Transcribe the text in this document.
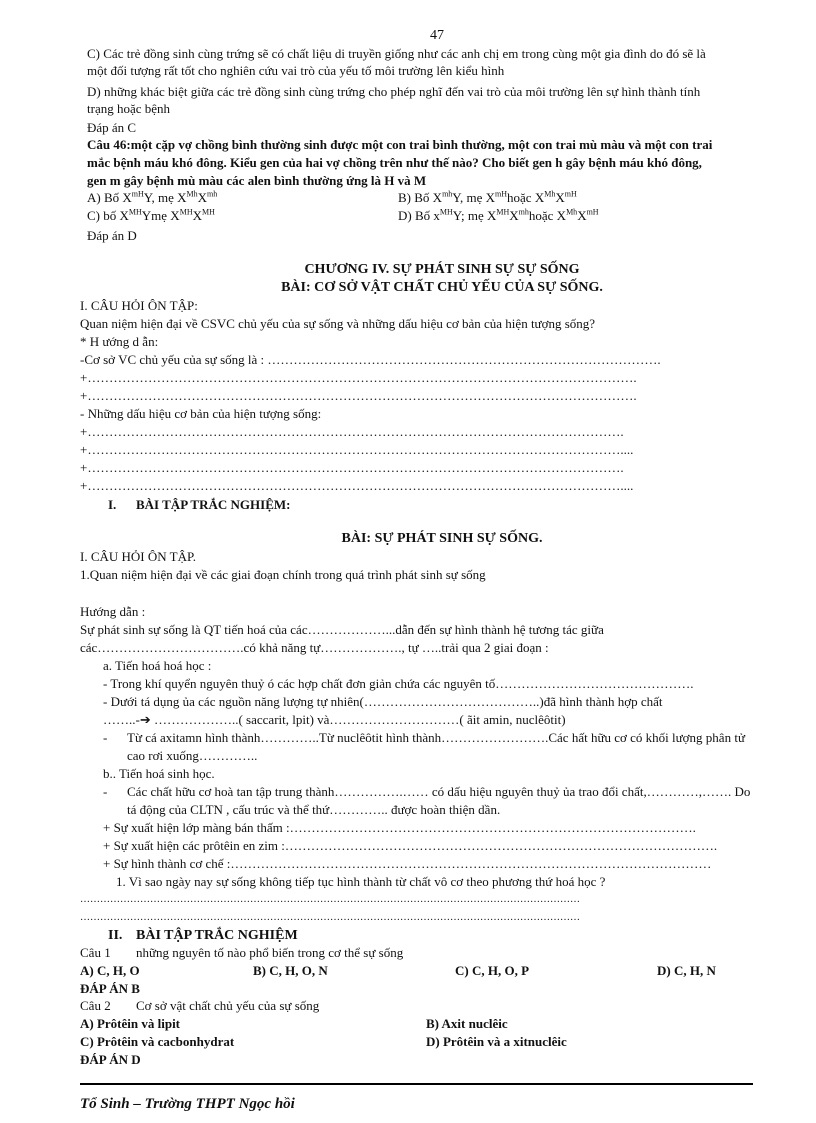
47
C) Các trẻ đồng sinh cùng trứng sẽ có chất liệu di truyền giống như các anh chị em trong cùng một gia đình do đó sẽ là
một đối tượng rất tốt cho nghiên cứu vai trò của yếu tố môi trường lên kiểu hình
D) những khác biệt giữa các trẻ đồng sinh cùng trứng cho phép nghĩ đến vai trò của môi trường lên sự hình thành tính
trạng hoặc bệnh
Đáp án C
Câu 46:một cặp vợ chồng bình thường sinh được một con trai bình thường, một con trai mù màu và một con trai
mắc bệnh máu khó đông. Kiểu gen của hai vợ chồng trên như thế nào? Cho biết gen h gây bệnh máu khó đông,
gen m gây bệnh mù màu các alen bình thường ứng là H và M
A) Bố $X^{mH}Y$, mẹ $X^{Mh}X^{mh}$	B) Bố $X^{mh}Y$, mẹ $X^{mH}hoặc$ $X^{Mh}X^{mH}$
C) bố $X^{MH}Ymẹ$ $X^{MH}X^{MH}$	D) Bố $x^{MH}Y$; mẹ $X^{MH}X^{mh}hoặc$ $X^{Mh}X^{mH}$
Đáp án D
CHƯƠNG IV. SỰ PHÁT SINH SỰ SỰ SỐNG
BÀI: CƠ SỞ VẬT CHẤT CHỦ YẾU CỦA SỰ SỐNG.
I. CÂU HỎI ÔN TẬP:
Quan niệm hiện đại về CSVC chủ yếu của sự sống và những dấu hiệu cơ bản của hiện tượng sống?
* H ướng d ẫn:
-Cơ sở VC chủ yếu của sự sống là : ……………………………………………………………………………….
+……………………………………………………………………………………………………………….
+……………………………………………………………………………………………………………….
- Những dấu hiệu cơ bản của hiện tượng sống:
+…………………………………………………………………………………………………………….
+……………………………………………………………………………………………………………....
+…………………………………………………………………………………………………………….
+……………………………………………………………………………………………………………....
I. BÀI TẬP TRẮC NGHIỆM:
BÀI: SỰ PHÁT SINH SỰ SỐNG.
I. CÂU HỎI ÔN TẬP.
1.Quan niệm hiện đại về các giai đoạn chính trong quá trình phát sinh sự sống
Hướng dẫn :
Sự phát sinh sự sống là QT tiến hoá của các………………...dẫn đến sự hình thành hệ tương tác giữa
các…………………………….có khả năng tự………………., tự …..trải qua 2 giai đoạn :
a. Tiến hoá hoá học :
- Trong khí quyển nguyên thuỷ ó các hợp chất đơn giản chứa các nguyên tố……………………………………….
- Dưới tá dụng ủa các nguồn năng lượng tự nhiên(…………………………………..)đã hình thành hợp chất
……..-➔ ………………..( saccarit, lpit) và…………………………( ãit amin, nuclêôtit)
- Từ cá axitamn hình thành…………..Từ nuclêôtit hình thành…………………….Các hất hữu cơ có khối lượng phân tử
cao rơi xuống…………..
b.. Tiến hoá sinh học.
- Các chất hữu cơ hoà tan tập trung thành…………….…… có dấu hiệu nguyên thuỷ ủa trao đổi chất,…………,……. Do
tá động của CLTN , cấu trúc và thể thứ………….. được hoàn thiện dần.
+ Sự xuất hiện lớp màng bán thấm :………………………………………………………………………………….
+ Sự xuất hiện các prôtêin en zim :……………………………………………………………………………………….
+ Sự hình thành cơ chế :…………………………………………………………………………………………………
1. Vì sao ngày nay sự sống không tiếp tục hình thành từ chất vô cơ theo phương thứ hoá học ?
……………………………………………………………………………………………………………………………………
……………………………………………………………………………………………………………………………………
II. BÀI TẬP TRẮC NGHIỆM
Câu 1 những nguyên tố nào phổ biến trong cơ thể sự sống
A) C, H, O	B) C, H, O, N	C) C, H, O, P	D) C, H, N
ĐÁP ÁN B
Câu 2 Cơ sở vật chất chủ yếu của sự sống
A) Prôtêin và lipit	B) Axit nuclêic
C) Prôtêin và cacbonhydrat	D) Prôtêin và a xitnuclêic
ĐÁP ÁN D
Tổ Sinh – Trường THPT Ngọc hồi
